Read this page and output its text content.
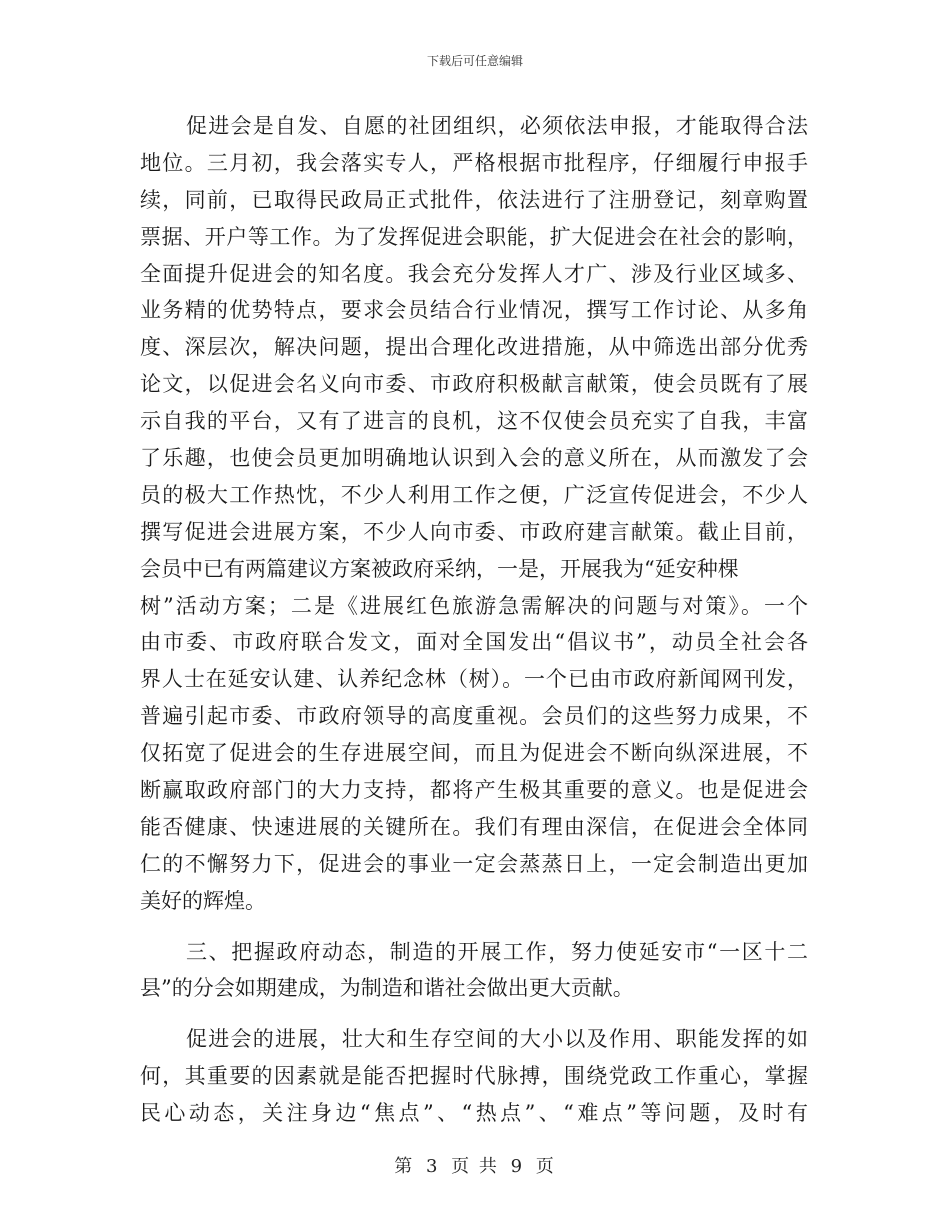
下载后可任意编辑
促进会是自发、自愿的社团组织，必须依法申报，才能取得合法
地位。三月初，我会落实专人，严格根据市批程序，仔细履行申报手
续，同前，已取得民政局正式批件，依法进行了注册登记，刻章购置
票据、开户等工作。为了发挥促进会职能，扩大促进会在社会的影响，
全面提升促进会的知名度。我会充分发挥人才广、涉及行业区域多、
业务精的优势特点，要求会员结合行业情况，撰写工作讨论、从多角
度、深层次，解决问题，提出合理化改进措施，从中筛选出部分优秀
论文，以促进会名义向市委、市政府积极献言献策，使会员既有了展
示自我的平台，又有了进言的良机，这不仅使会员充实了自我，丰富
了乐趣，也使会员更加明确地认识到入会的意义所在，从而激发了会
员的极大工作热忱，不少人利用工作之便，广泛宣传促进会，不少人
撰写促进会进展方案，不少人向市委、市政府建言献策。截止目前，
会员中已有两篇建议方案被政府采纳，一是，开展我为“延安种棵
树”活动方案；二是《进展红色旅游急需解决的问题与对策》。一个
由市委、市政府联合发文，面对全国发出“倡议书”，动员全社会各
界人士在延安认建、认养纪念林（树）。一个已由市政府新闻网刊发，
普遍引起市委、市政府领导的高度重视。会员们的这些努力成果，不
仅拓宽了促进会的生存进展空间，而且为促进会不断向纵深进展，不
断赢取政府部门的大力支持，都将产生极其重要的意义。也是促进会
能否健康、快速进展的关键所在。我们有理由深信，在促进会全体同
仁的不懈努力下，促进会的事业一定会蒸蒸日上，一定会制造出更加
美好的辉煌。
三、把握政府动态，制造的开展工作，努力使延安市“一区十二
县”的分会如期建成，为制造和谐社会做出更大贡献。
促进会的进展，壮大和生存空间的大小以及作用、职能发挥的如
何，其重要的因素就是能否把握时代脉搏，围绕党政工作重心，掌握
民心动态，关注身边“焦点”、“热点”、“难点”等问题，及时有
第 3 页 共 9 页
